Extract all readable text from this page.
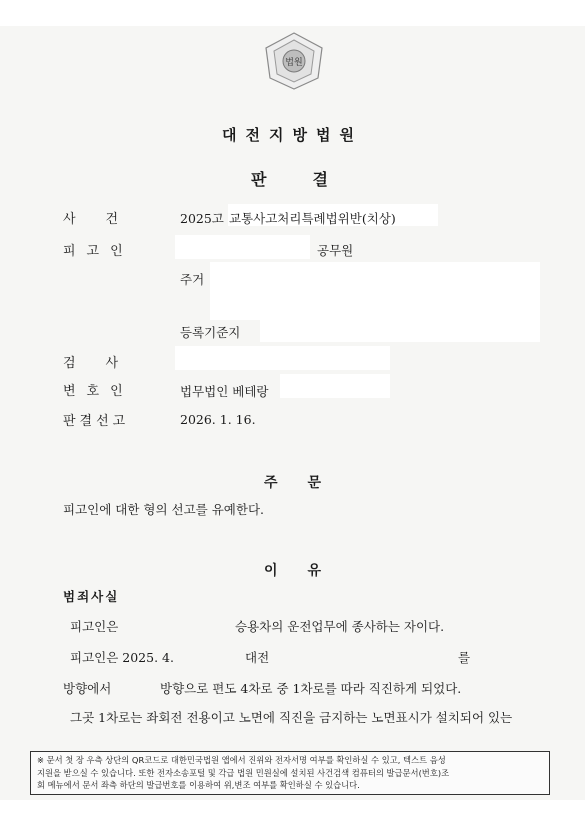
법원
대전지방법원
판결
사건	2025고 교통사고처리특례법위반(치상)
피고인	공무원
주거
등록기준지
검사
변호인	법무법인 베테랑
판결선고	2026. 1. 16.
주문
피고인에 대한 형의 선고를 유예한다.
이유
범죄사실
피고인은	승용차의 운전업무에 종사하는 자이다.
피고인은 2025. 4.	대전	를
방향에서	방향으로 편도 4차로 중 1차로를 따라 직진하게 되었다.
그곳 1차로는 좌회전 전용이고 노면에 직진을 금지하는 노면표시가 설치되어 있는
※ 문서 첫 장 우측 상단의 QR코드로 대한민국법원 앱에서 진위와 전자서명 여부를 확인하실 수 있고, 텍스트 음성
지원을 받으실 수 있습니다. 또한 전자소송포털 및 각급 법원 민원실에 설치된 사건검색 컴퓨터의 발급문서(번호)조
회 메뉴에서 문서 좌측 하단의 발급번호를 이용하여 위,변조 여부를 확인하실 수 있습니다.
